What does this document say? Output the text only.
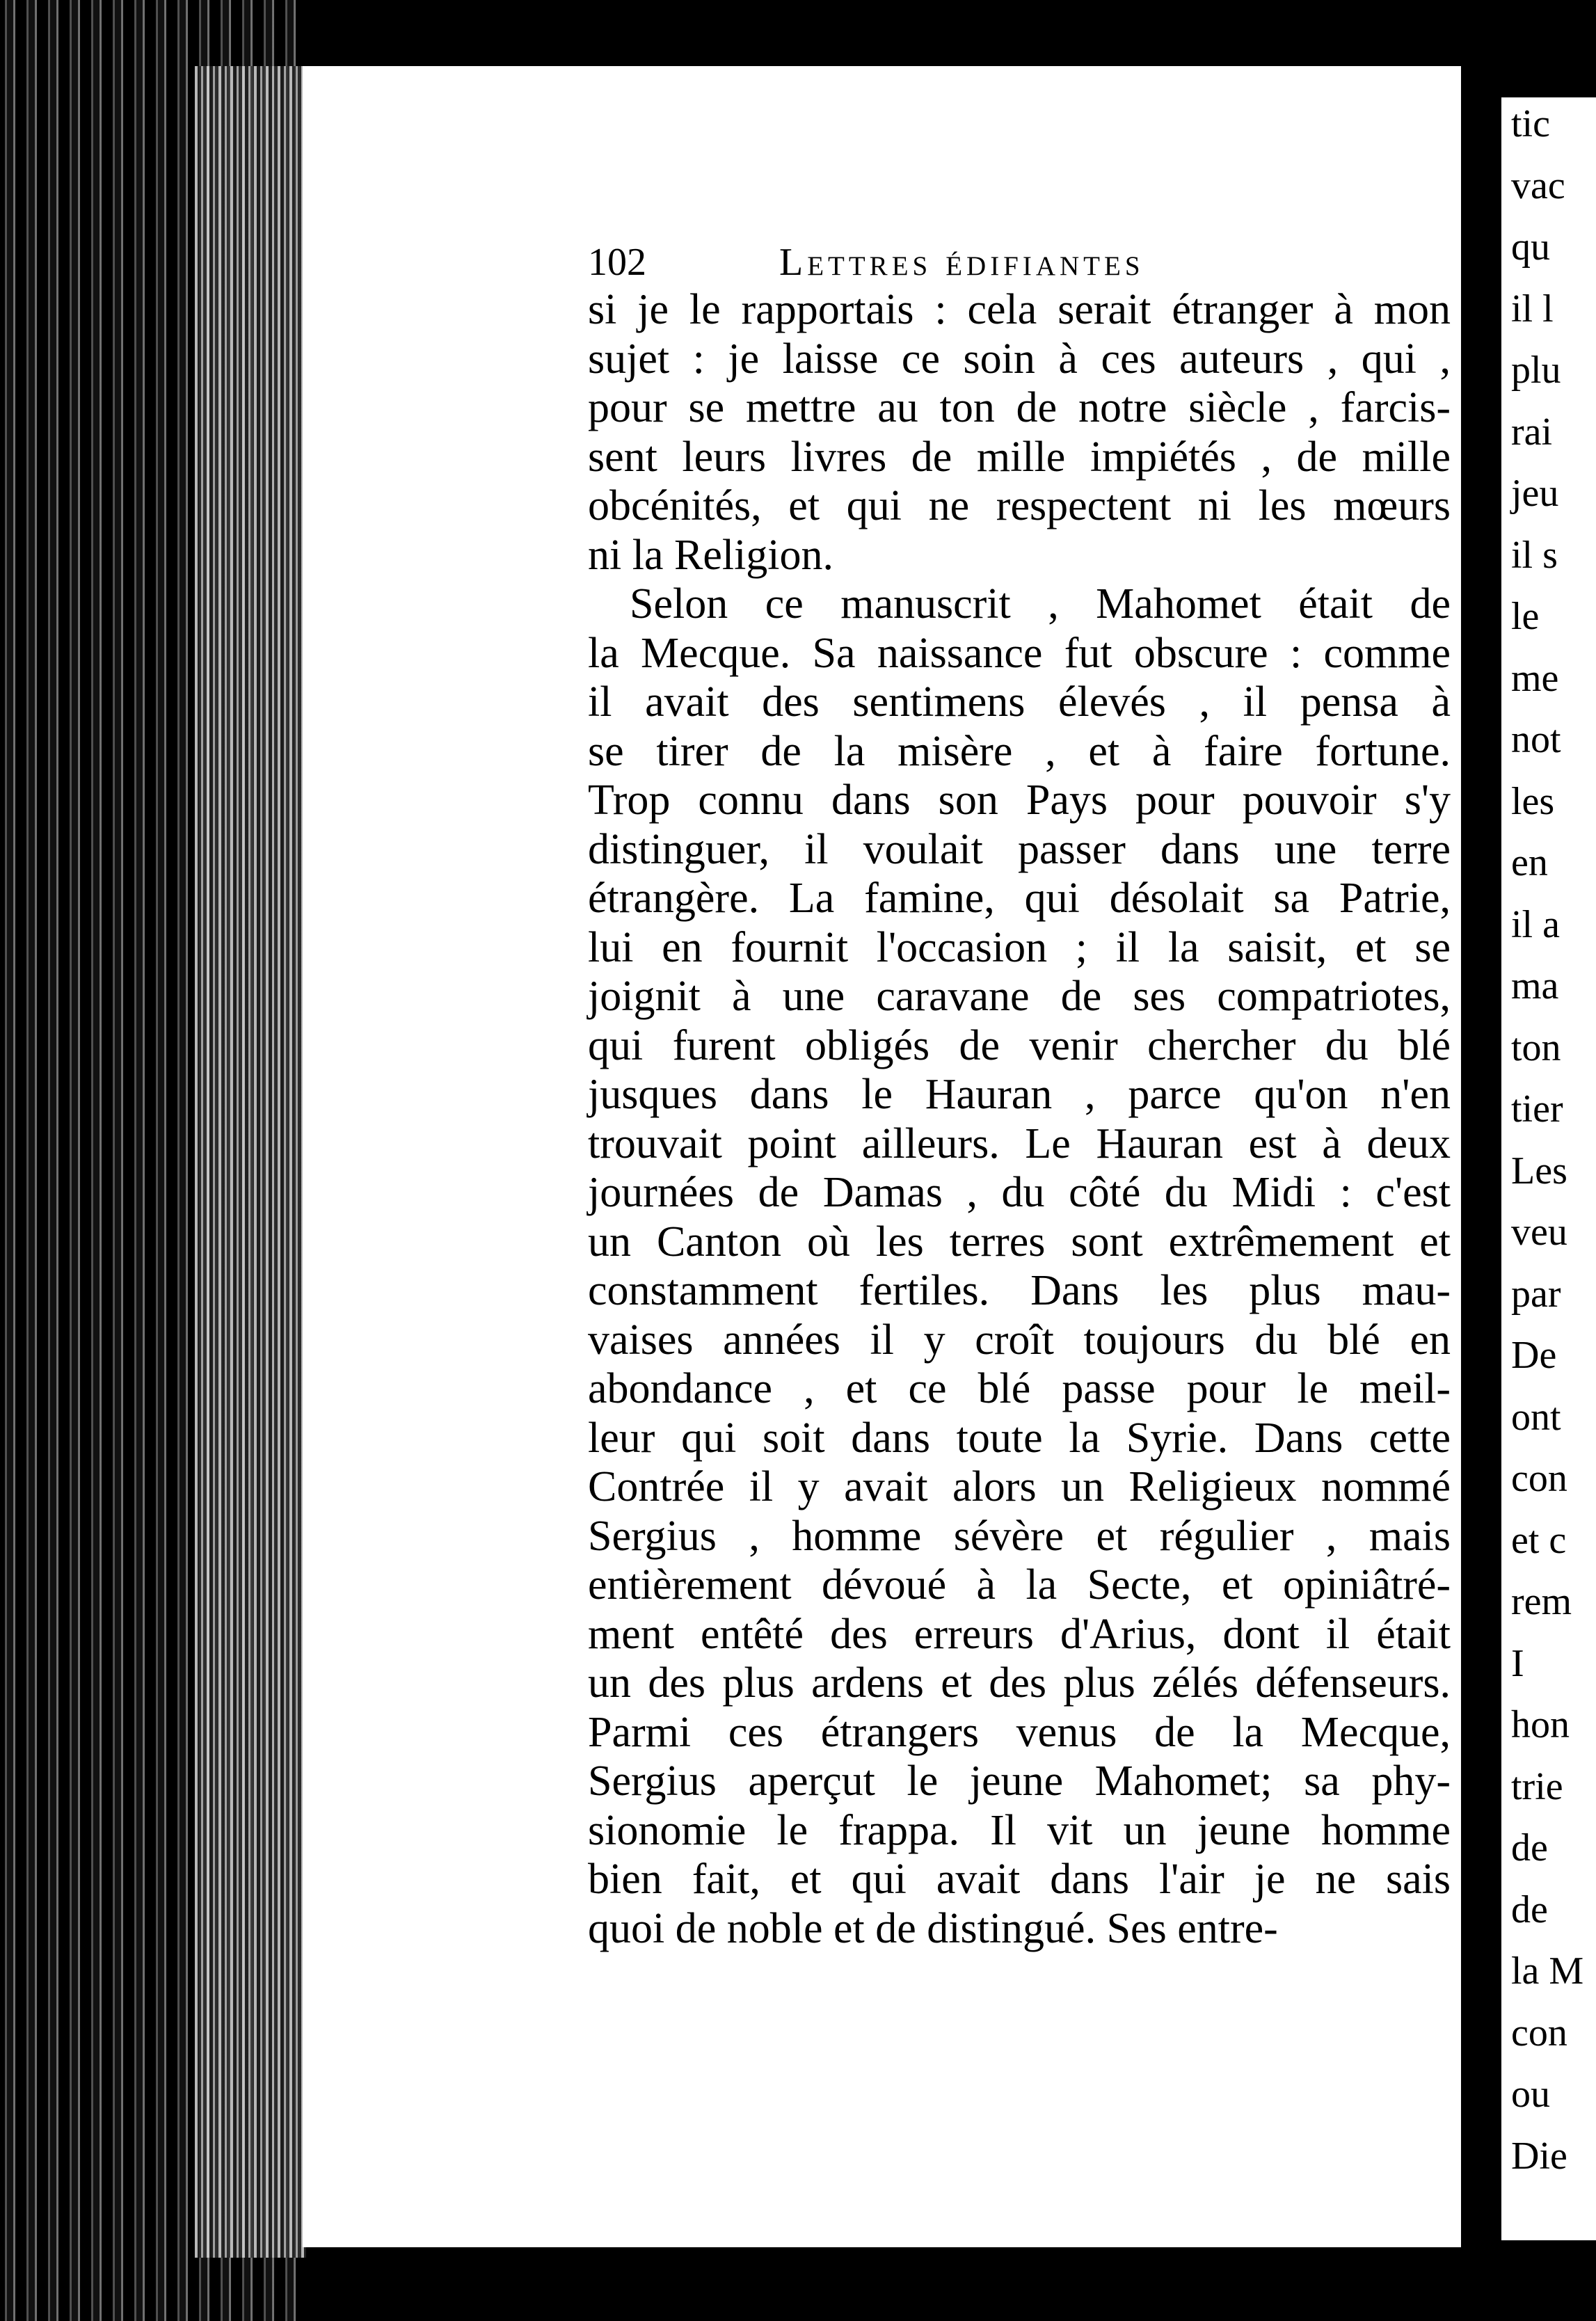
102	Lettres édifiantes
si je le rapportais : cela serait étranger à mon
sujet : je laisse ce soin à ces auteurs , qui ,
pour se mettre au ton de notre siècle , farcis-
sent leurs livres de mille impiétés , de mille
obcénités, et qui ne respectent ni les mœurs
ni la Religion.
Selon ce manuscrit , Mahomet était de
la Mecque. Sa naissance fut obscure : comme
il avait des sentimens élevés , il pensa à
se tirer de la misère , et à faire fortune.
Trop connu dans son Pays pour pouvoir s'y
distinguer, il voulait passer dans une terre
étrangère. La famine, qui désolait sa Patrie,
lui en fournit l'occasion ; il la saisit, et se
joignit à une caravane de ses compatriotes,
qui furent obligés de venir chercher du blé
jusques dans le Hauran , parce qu'on n'en
trouvait point ailleurs. Le Hauran est à deux
journées de Damas , du côté du Midi : c'est
un Canton où les terres sont extrêmement et
constamment fertiles. Dans les plus mau-
vaises années il y croît toujours du blé en
abondance , et ce blé passe pour le meil-
leur qui soit dans toute la Syrie. Dans cette
Contrée il y avait alors un Religieux nommé
Sergius , homme sévère et régulier , mais
entièrement dévoué à la Secte, et opiniâtré-
ment entêté des erreurs d'Arius, dont il était
un des plus ardens et des plus zélés défenseurs.
Parmi ces étrangers venus de la Mecque,
Sergius aperçut le jeune Mahomet; sa phy-
sionomie le frappa. Il vit un jeune homme
bien fait, et qui avait dans l'air je ne sais
quoi de noble et de distingué. Ses entre-
tic
vac
qu
il l
plu
rai
jeu
il s
le
me
not
les
en
il a
ma
ton
tier
Les
veu
par
De
ont
con
et c
rem
I
hon
trie
de
de
la M
con
ou
Die
